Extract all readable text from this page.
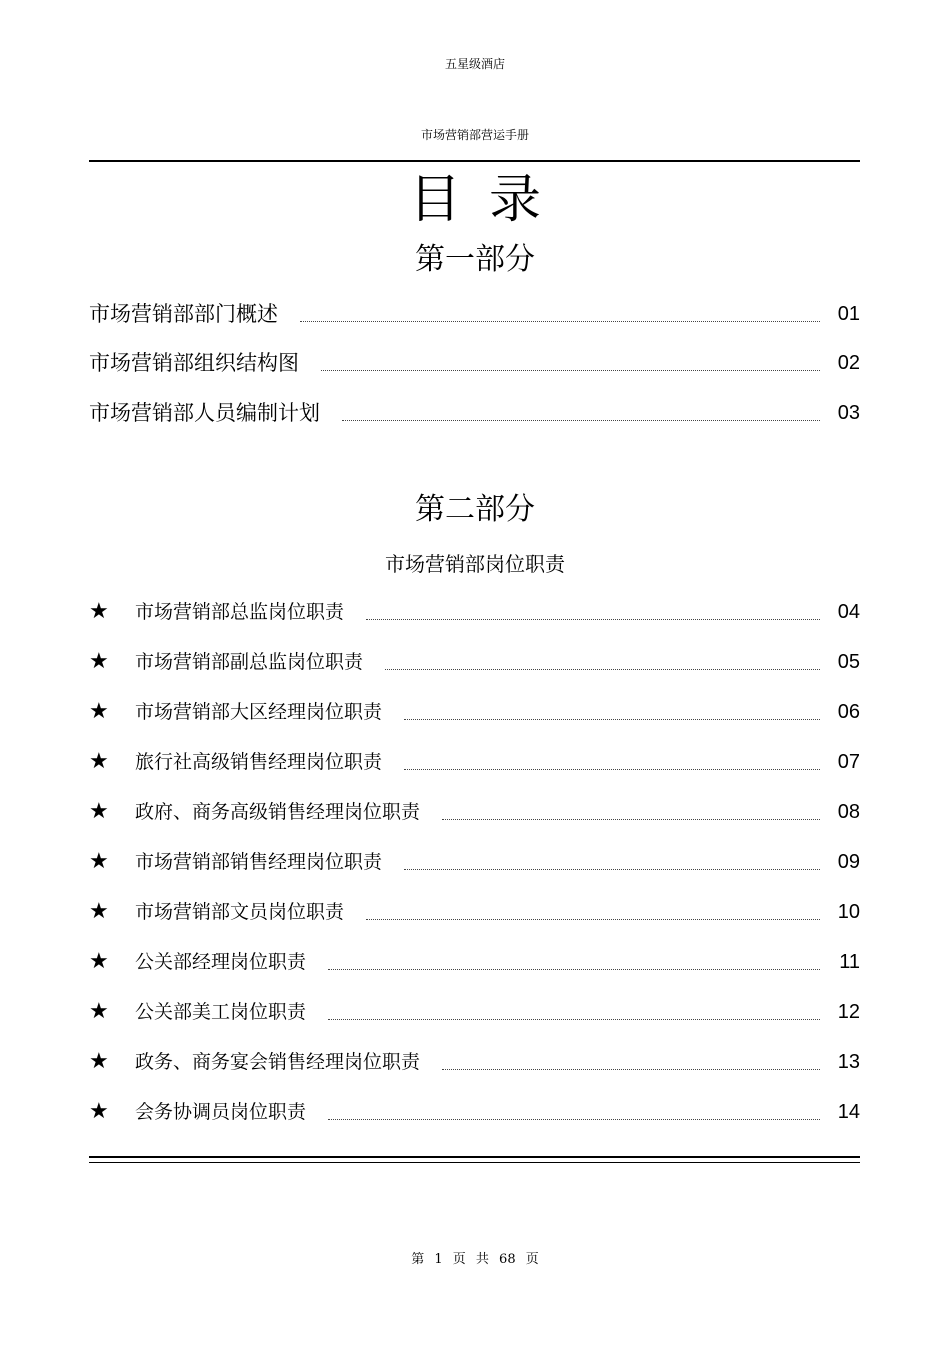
五星级酒店
市场营销部营运手册
目录
第一部分
市场营销部部门概述	01
市场营销部组织结构图	02
市场营销部人员编制计划	03
第二部分
市场营销部岗位职责
★	市场营销部总监岗位职责	04
★	市场营销部副总监岗位职责	05
★	市场营销部大区经理岗位职责	06
★	旅行社高级销售经理岗位职责	07
★	政府、商务高级销售经理岗位职责	08
★	市场营销部销售经理岗位职责	09
★	市场营销部文员岗位职责	10
★	公关部经理岗位职责	11
★	公关部美工岗位职责	12
★	政务、商务宴会销售经理岗位职责	13
★	会务协调员岗位职责	14
第 1 页 共 68 页
